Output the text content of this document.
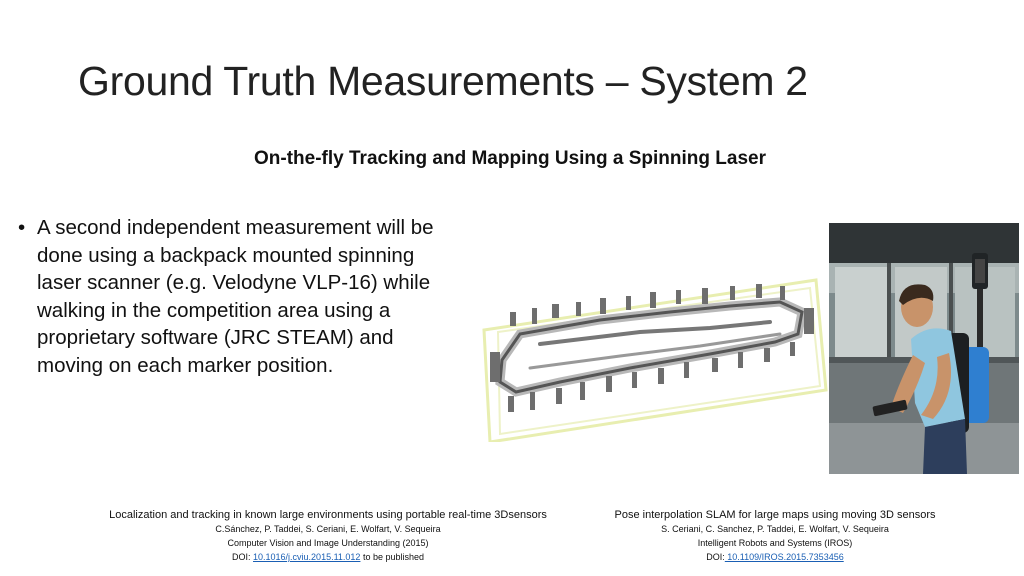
Ground Truth Measurements – System 2
On-the-fly Tracking and Mapping Using a Spinning Laser
• A second independent measurement will be done using a backpack mounted spinning laser scanner (e.g. Velodyne VLP-16) while walking in the competition area using a proprietary software (JRC STEAM) and moving on each marker position.
Localization and tracking in known large environments using portable real-time 3Dsensors
C.Sánchez, P. Taddei, S. Ceriani, E. Wolfart, V. Sequeira
Computer Vision and Image Understanding (2015)
DOI: 10.1016/j.cviu.2015.11.012 to be published
Pose interpolation SLAM for large maps using moving 3D sensors
S. Ceriani, C. Sanchez, P. Taddei, E. Wolfart, V. Sequeira
Intelligent Robots and Systems (IROS)
DOI: 10.1109/IROS.2015.7353456
